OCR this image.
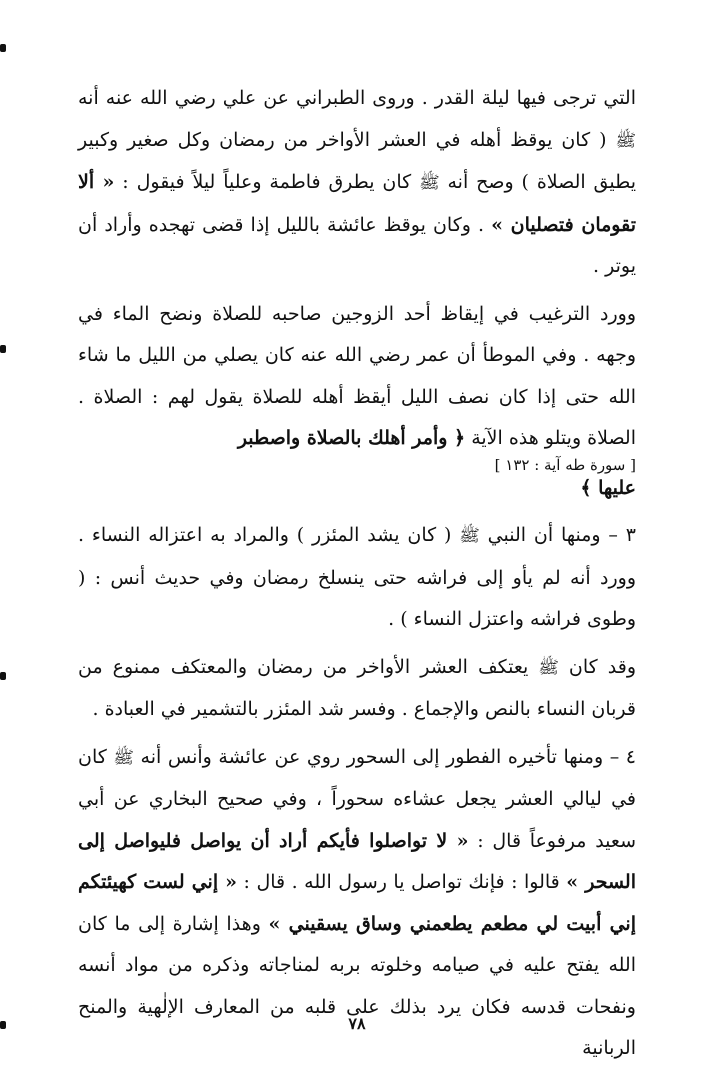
التي ترجى فيها ليلة القدر . وروى الطبراني عن علي رضي الله عنه أنه ﷺ ( كان يوقظ أهله في العشر الأواخر من رمضان وكل صغير وكبير يطيق الصلاة ) وصح أنه ﷺ كان يطرق فاطمة وعلياً ليلاً فيقول : « ألا تقومان فتصليان » . وكان يوقظ عائشة بالليل إذا قضى تهجده وأراد أن يوتر .

وورد الترغيب في إيقاظ أحد الزوجين صاحبه للصلاة ونضح الماء في وجهه . وفي الموطأ أن عمر رضي الله عنه كان يصلي من الليل ما شاء الله حتى إذا كان نصف الليل أيقظ أهله للصلاة يقول لهم : الصلاة . الصلاة ويتلو هذه الآية ﴿ وأمر أهلك بالصلاة واصطبر
[ سورة طه آية : ١٣٢ ]
عليها ﴾

٣ – ومنها أن النبي ﷺ ( كان يشد المئزر ) والمراد به اعتزاله النساء . وورد أنه لم يأو إلى فراشه حتى ينسلخ رمضان وفي حديث أنس : ( وطوى فراشه واعتزل النساء ) .

وقد كان ﷺ يعتكف العشر الأواخر من رمضان والمعتكف ممنوع من قربان النساء بالنص والإجماع . وفسر شد المئزر بالتشمير في العبادة .

٤ – ومنها تأخيره الفطور إلى السحور روي عن عائشة وأنس أنه ﷺ كان في ليالي العشر يجعل عشاءه سحوراً ، وفي صحيح البخاري عن أبي سعيد مرفوعاً قال : « لا تواصلوا فأيكم أراد أن يواصل فليواصل إلى السحر » قالوا : فإنك تواصل يا رسول الله . قال : « إني لست كهيئتكم إني أبيت لي مطعم يطعمني وساق يسقيني » وهذا إشارة إلى ما كان الله يفتح عليه في صيامه وخلوته بربه لمناجاته وذكره من مواد أنسه ونفحات قدسه فكان يرد بذلك على قلبه من المعارف الإلٰهية والمنح الربانية

٧٨
